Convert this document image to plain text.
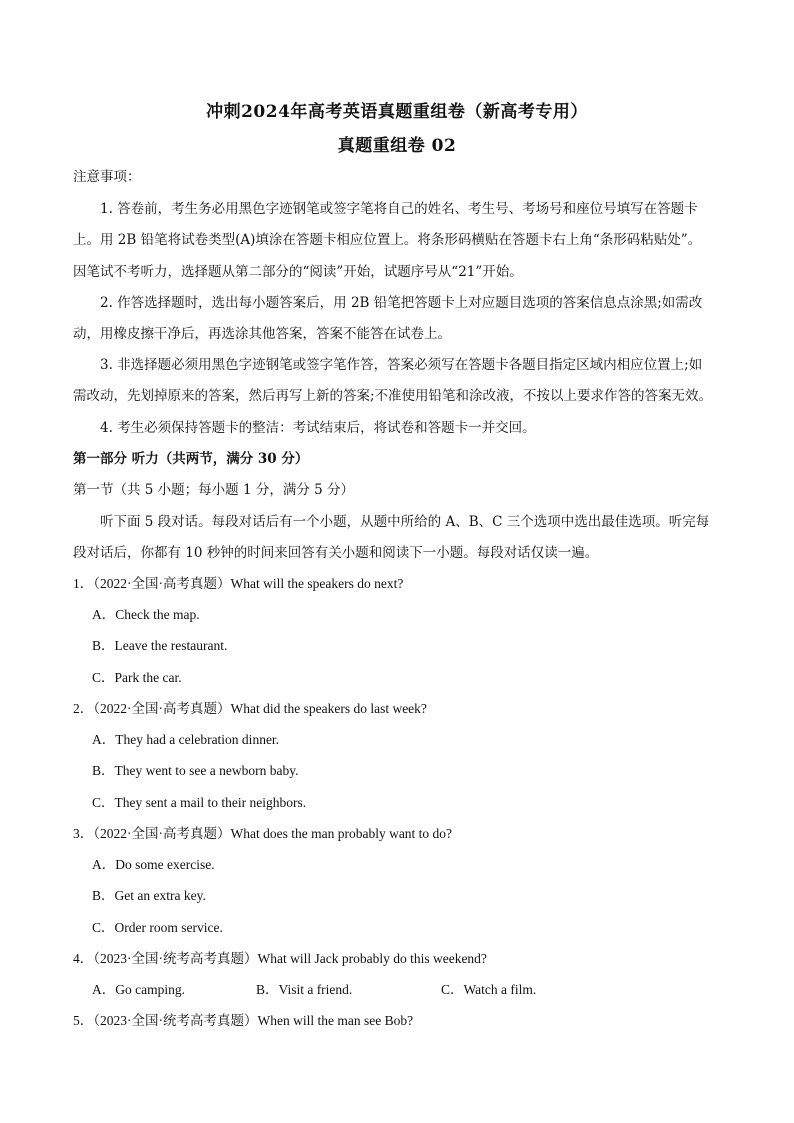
冲刺2024年高考英语真题重组卷（新高考专用）
真题重组卷 02
注意事项：
1. 答卷前，考生务必用黑色字迹钢笔或签字笔将自己的姓名、考生号、考场号和座位号填写在答题卡
上。用 2B 铅笔将试卷类型(A)填涂在答题卡相应位置上。将条形码横贴在答题卡右上角“条形码粘贴处”。
因笔试不考听力，选择题从第二部分的“阅读”开始，试题序号从“21”开始。
2. 作答选择题时，选出每小题答案后，用 2B 铅笔把答题卡上对应题目选项的答案信息点涂黑;如需改
动，用橡皮擦干净后，再选涂其他答案，答案不能答在试卷上。
3. 非选择题必须用黑色字迹钢笔或签字笔作答，答案必须写在答题卡各题目指定区域内相应位置上;如
需改动，先划掉原来的答案，然后再写上新的答案;不准使用铅笔和涂改液，不按以上要求作答的答案无效。
4. 考生必须保持答题卡的整洁：考试结束后，将试卷和答题卡一并交回。
第一部分 听力（共两节，满分 30 分）
第一节（共 5 小题；每小题 1 分，满分 5 分）
听下面 5 段对话。每段对话后有一个小题，从题中所给的 A、B、C 三个选项中选出最佳选项。听完每
段对话后，你都有 10 秒钟的时间来回答有关小题和阅读下一小题。每段对话仅读一遍。
1．（2022·全国·高考真题）What will the speakers do next?
A．Check the map.
B．Leave the restaurant.
C．Park the car.
2．（2022·全国·高考真题）What did the speakers do last week?
A．They had a celebration dinner.
B．They went to see a newborn baby.
C．They sent a mail to their neighbors.
3．（2022·全国·高考真题）What does the man probably want to do?
A．Do some exercise.
B．Get an extra key.
C．Order room service.
4．（2023·全国·统考高考真题）What will Jack probably do this weekend?
A．Go camping.	B．Visit a friend.	C．Watch a film.
5．（2023·全国·统考高考真题）When will the man see Bob?
